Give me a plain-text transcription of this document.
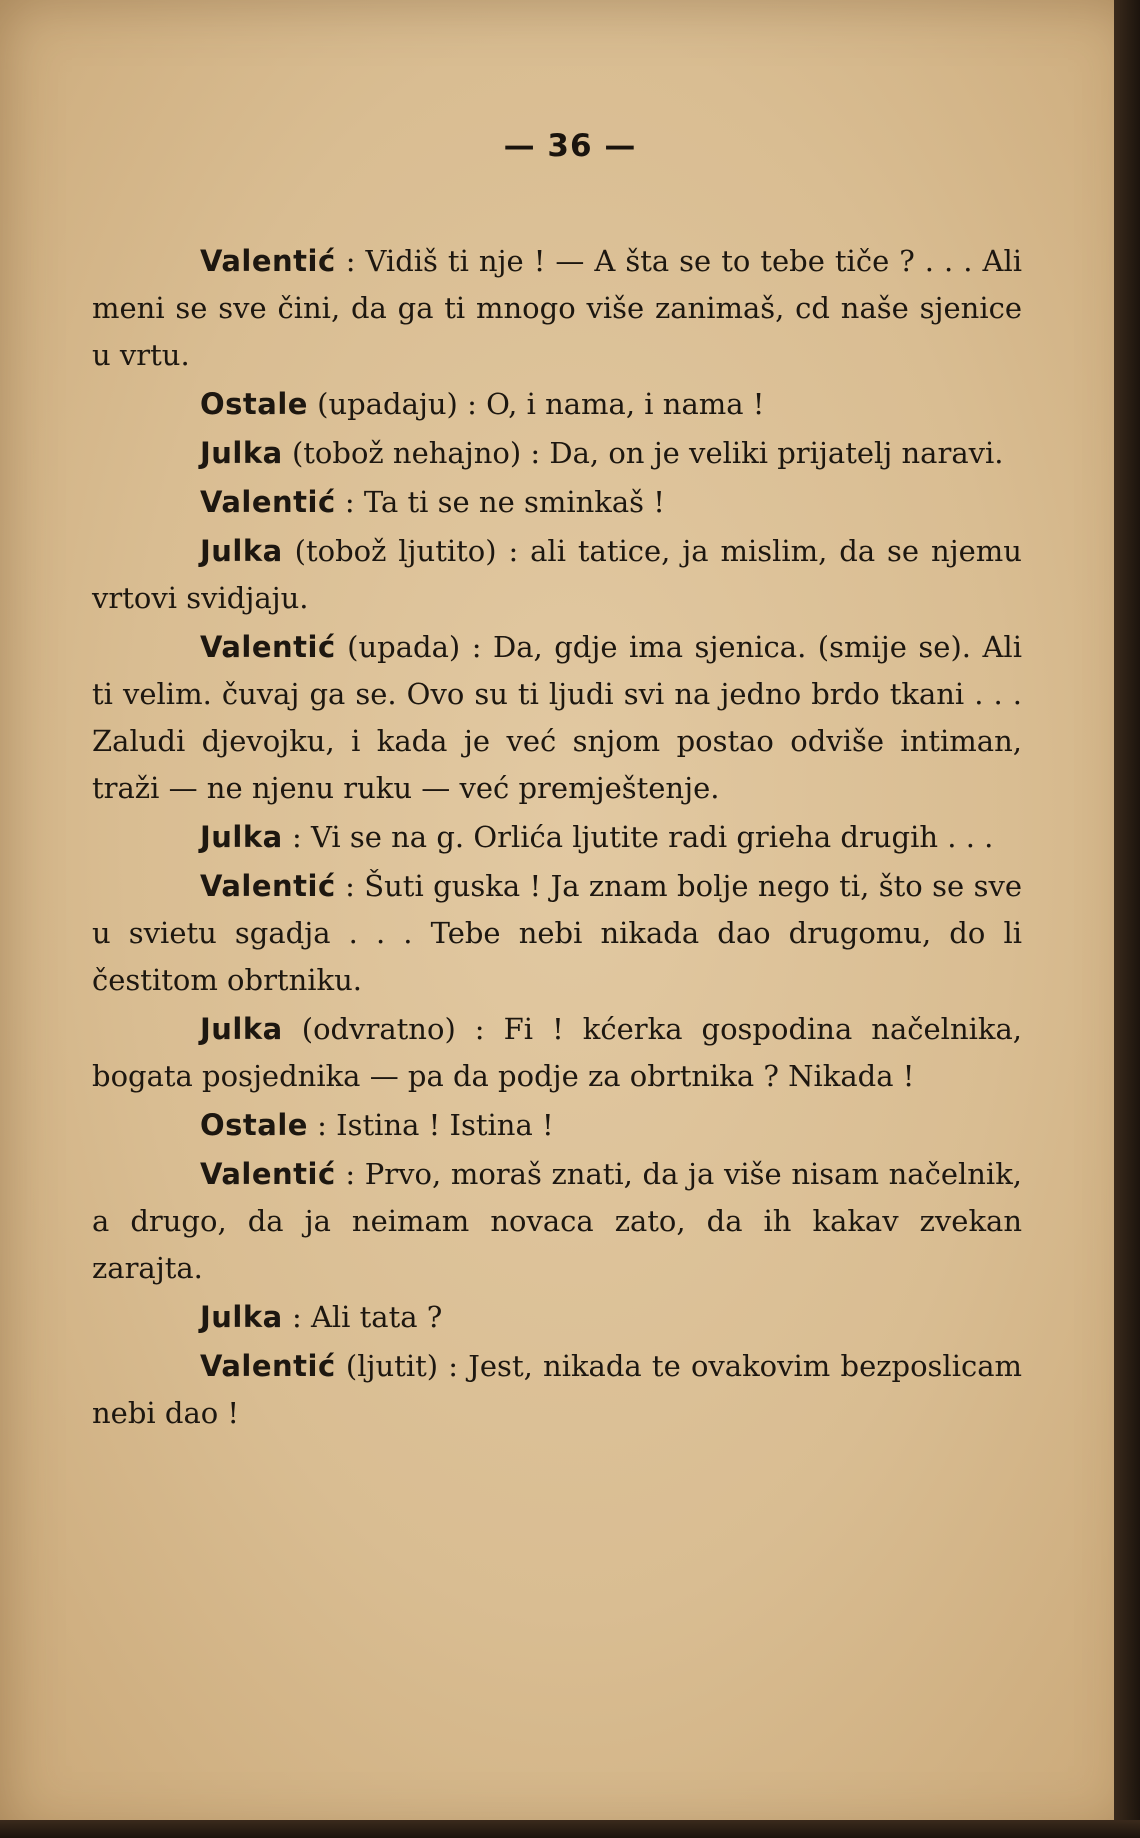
— 36 —

Valentić : Vidiš ti nje ! — A šta se to tebe tiče ? . . . Ali meni se sve čini, da ga ti mnogo više zanimaš, cd naše sjenice u vrtu.

Ostale (upadaju) : O, i nama, i nama !

Julka (tobož nehajno) : Da, on je veliki prijatelj naravi.

Valentić : Ta ti se ne sminkaš !

Julka (tobož ljutito) : ali tatice, ja mislim, da se njemu vrtovi svidjaju.

Valentić (upada) : Da, gdje ima sjenica. (smije se). Ali ti velim. čuvaj ga se. Ovo su ti ljudi svi na jedno brdo tkani . . . Zaludi djevojku, i kada je već snjom postao odviše intiman, traži — ne njenu ruku — već premještenje.

Julka : Vi se na g. Orlića ljutite radi grieha drugih . . .

Valentić : Šuti guska ! Ja znam bolje nego ti, što se sve u svietu sgadja . . . Tebe nebi nikada dao drugomu, do li čestitom obrtniku.

Julka (odvratno) : Fi ! kćerka gospodina načelnika, bogata posjednika — pa da podje za obrtnika ? Nikada !

Ostale : Istina ! Istina !

Valentić : Prvo, moraš znati, da ja više nisam načelnik, a drugo, da ja neimam novaca zato, da ih kakav zvekan zarajta.

Julka : Ali tata ?

Valentić (ljutit) : Jest, nikada te ovakovim bezposlicam nebi dao !
